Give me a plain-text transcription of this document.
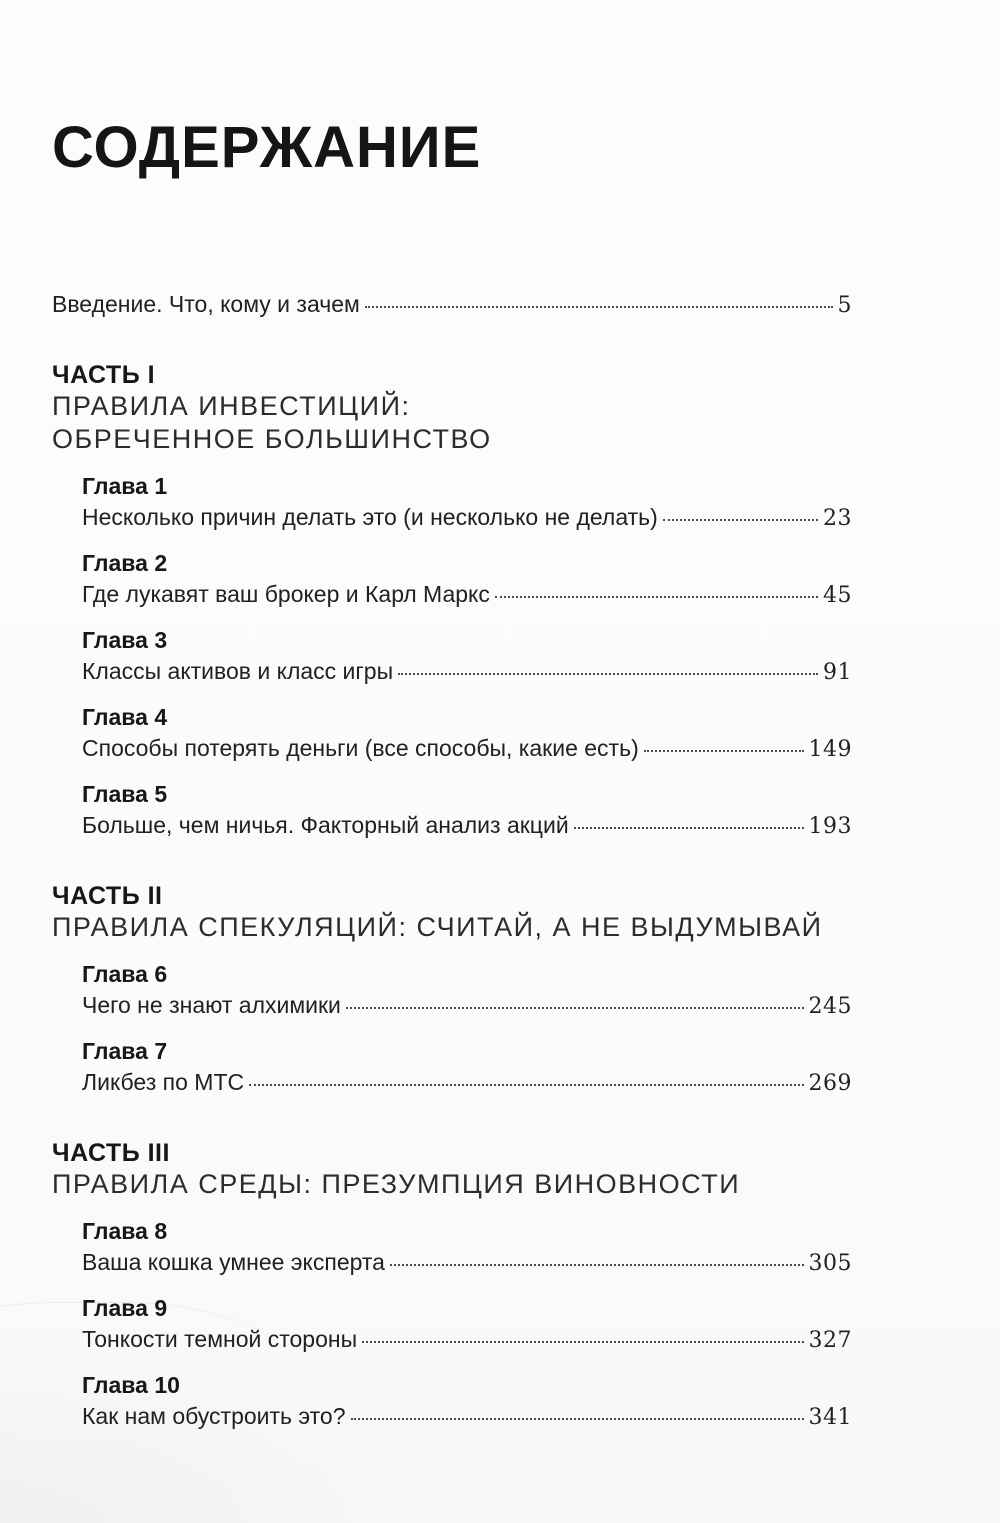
СОДЕРЖАНИЕ
Введение. Что, кому и зачем	5
ЧАСТЬ I
ПРАВИЛА ИНВЕСТИЦИЙ:
ОБРЕЧЕННОЕ БОЛЬШИНСТВО
Глава 1
Несколько причин делать это (и несколько не делать)	23
Глава 2
Где лукавят ваш брокер и Карл Маркс	45
Глава 3
Классы активов и класс игры	91
Глава 4
Способы потерять деньги (все способы, какие есть)	149
Глава 5
Больше, чем ничья. Факторный анализ акций	193
ЧАСТЬ II
ПРАВИЛА СПЕКУЛЯЦИЙ: СЧИТАЙ, А НЕ ВЫДУМЫВАЙ
Глава 6
Чего не знают алхимики	245
Глава 7
Ликбез по МТС	269
ЧАСТЬ III
ПРАВИЛА СРЕДЫ: ПРЕЗУМПЦИЯ ВИНОВНОСТИ
Глава 8
Ваша кошка умнее эксперта	305
Глава 9
Тонкости темной стороны	327
Глава 10
Как нам обустроить это?	341
